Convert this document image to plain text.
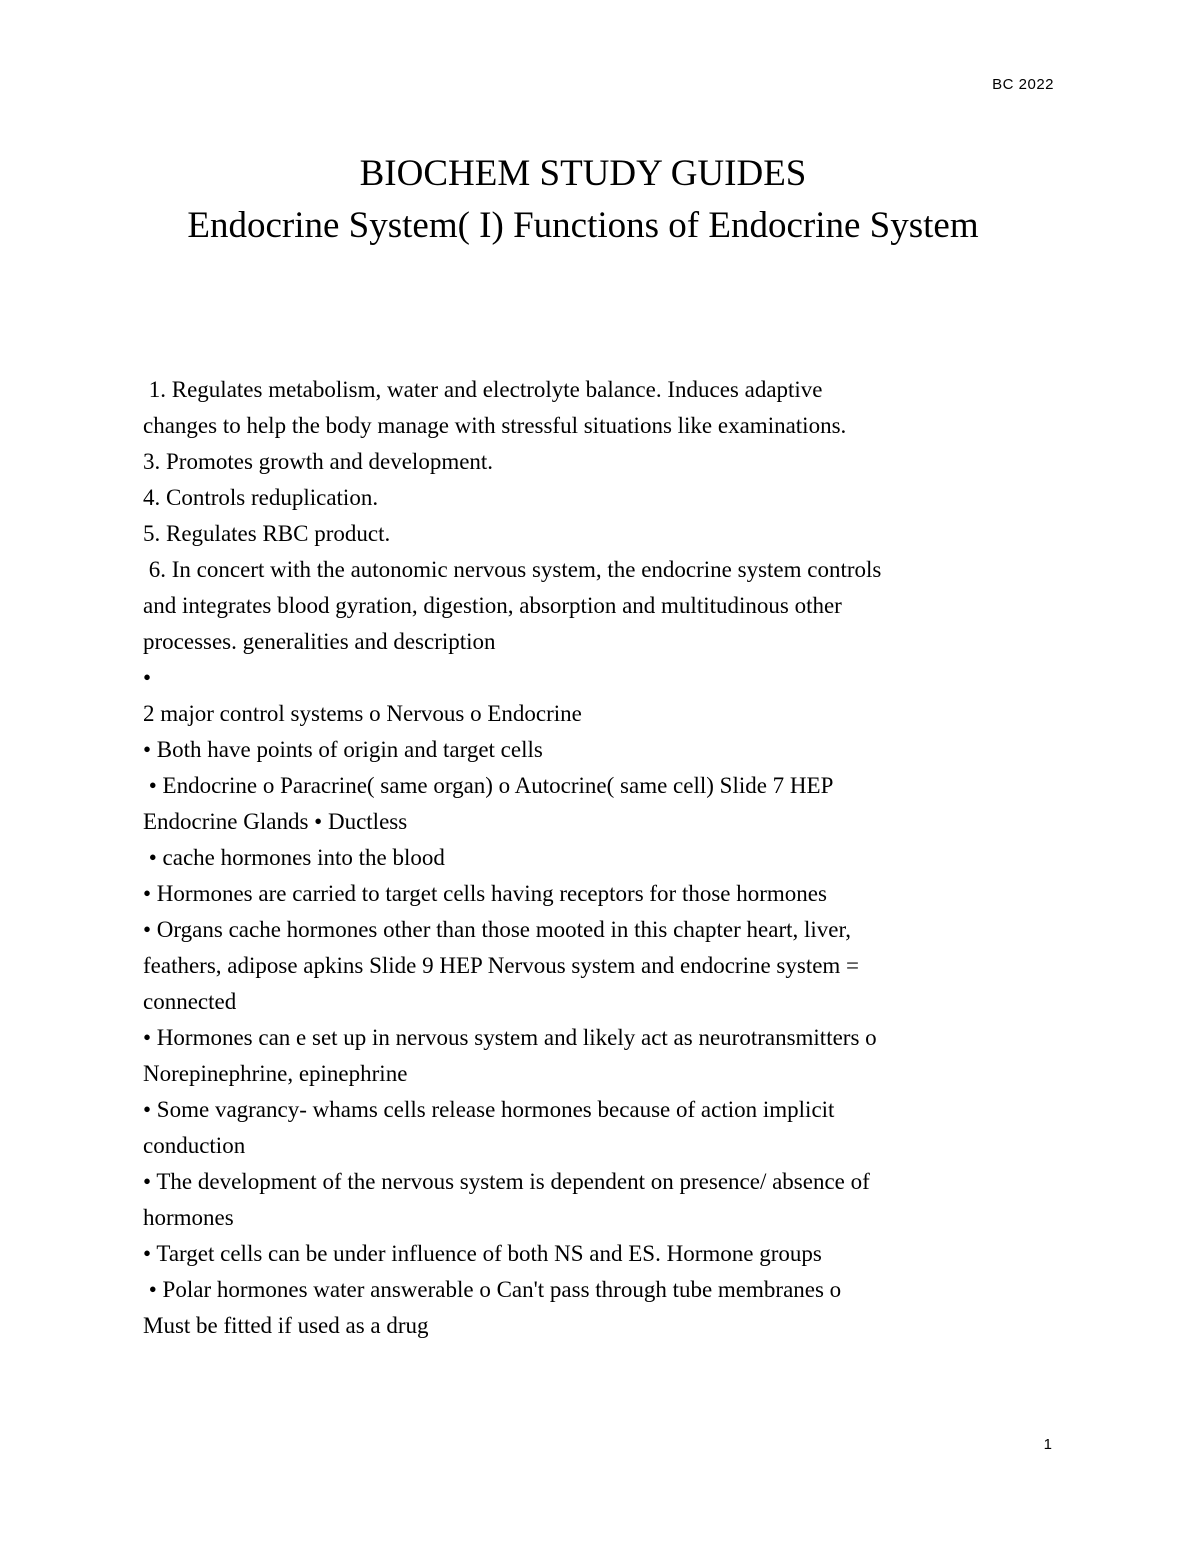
BC 2022
BIOCHEM STUDY GUIDES
Endocrine System( I) Functions of Endocrine System
1. Regulates metabolism, water and electrolyte balance. Induces adaptive
changes to help the body manage with stressful situations like examinations.
3. Promotes growth and development.
4. Controls reduplication.
5. Regulates RBC product.
6. In concert with the autonomic nervous system, the endocrine system controls
and integrates blood gyration, digestion, absorption and multitudinous other
processes. generalities and description
•
2 major control systems o Nervous o Endocrine
• Both have points of origin and target cells
• Endocrine o Paracrine( same organ) o Autocrine( same cell) Slide 7 HEP
Endocrine Glands • Ductless
• cache hormones into the blood
• Hormones are carried to target cells having receptors for those hormones
• Organs cache hormones other than those mooted in this chapter heart, liver,
feathers, adipose apkins Slide 9 HEP Nervous system and endocrine system =
connected
• Hormones can e set up in nervous system and likely act as neurotransmitters o
Norepinephrine, epinephrine
• Some vagrancy- whams cells release hormones because of action implicit
conduction
• The development of the nervous system is dependent on presence/ absence of
hormones
• Target cells can be under influence of both NS and ES. Hormone groups
• Polar hormones water answerable o Can't pass through tube membranes o
Must be fitted if used as a drug
1
